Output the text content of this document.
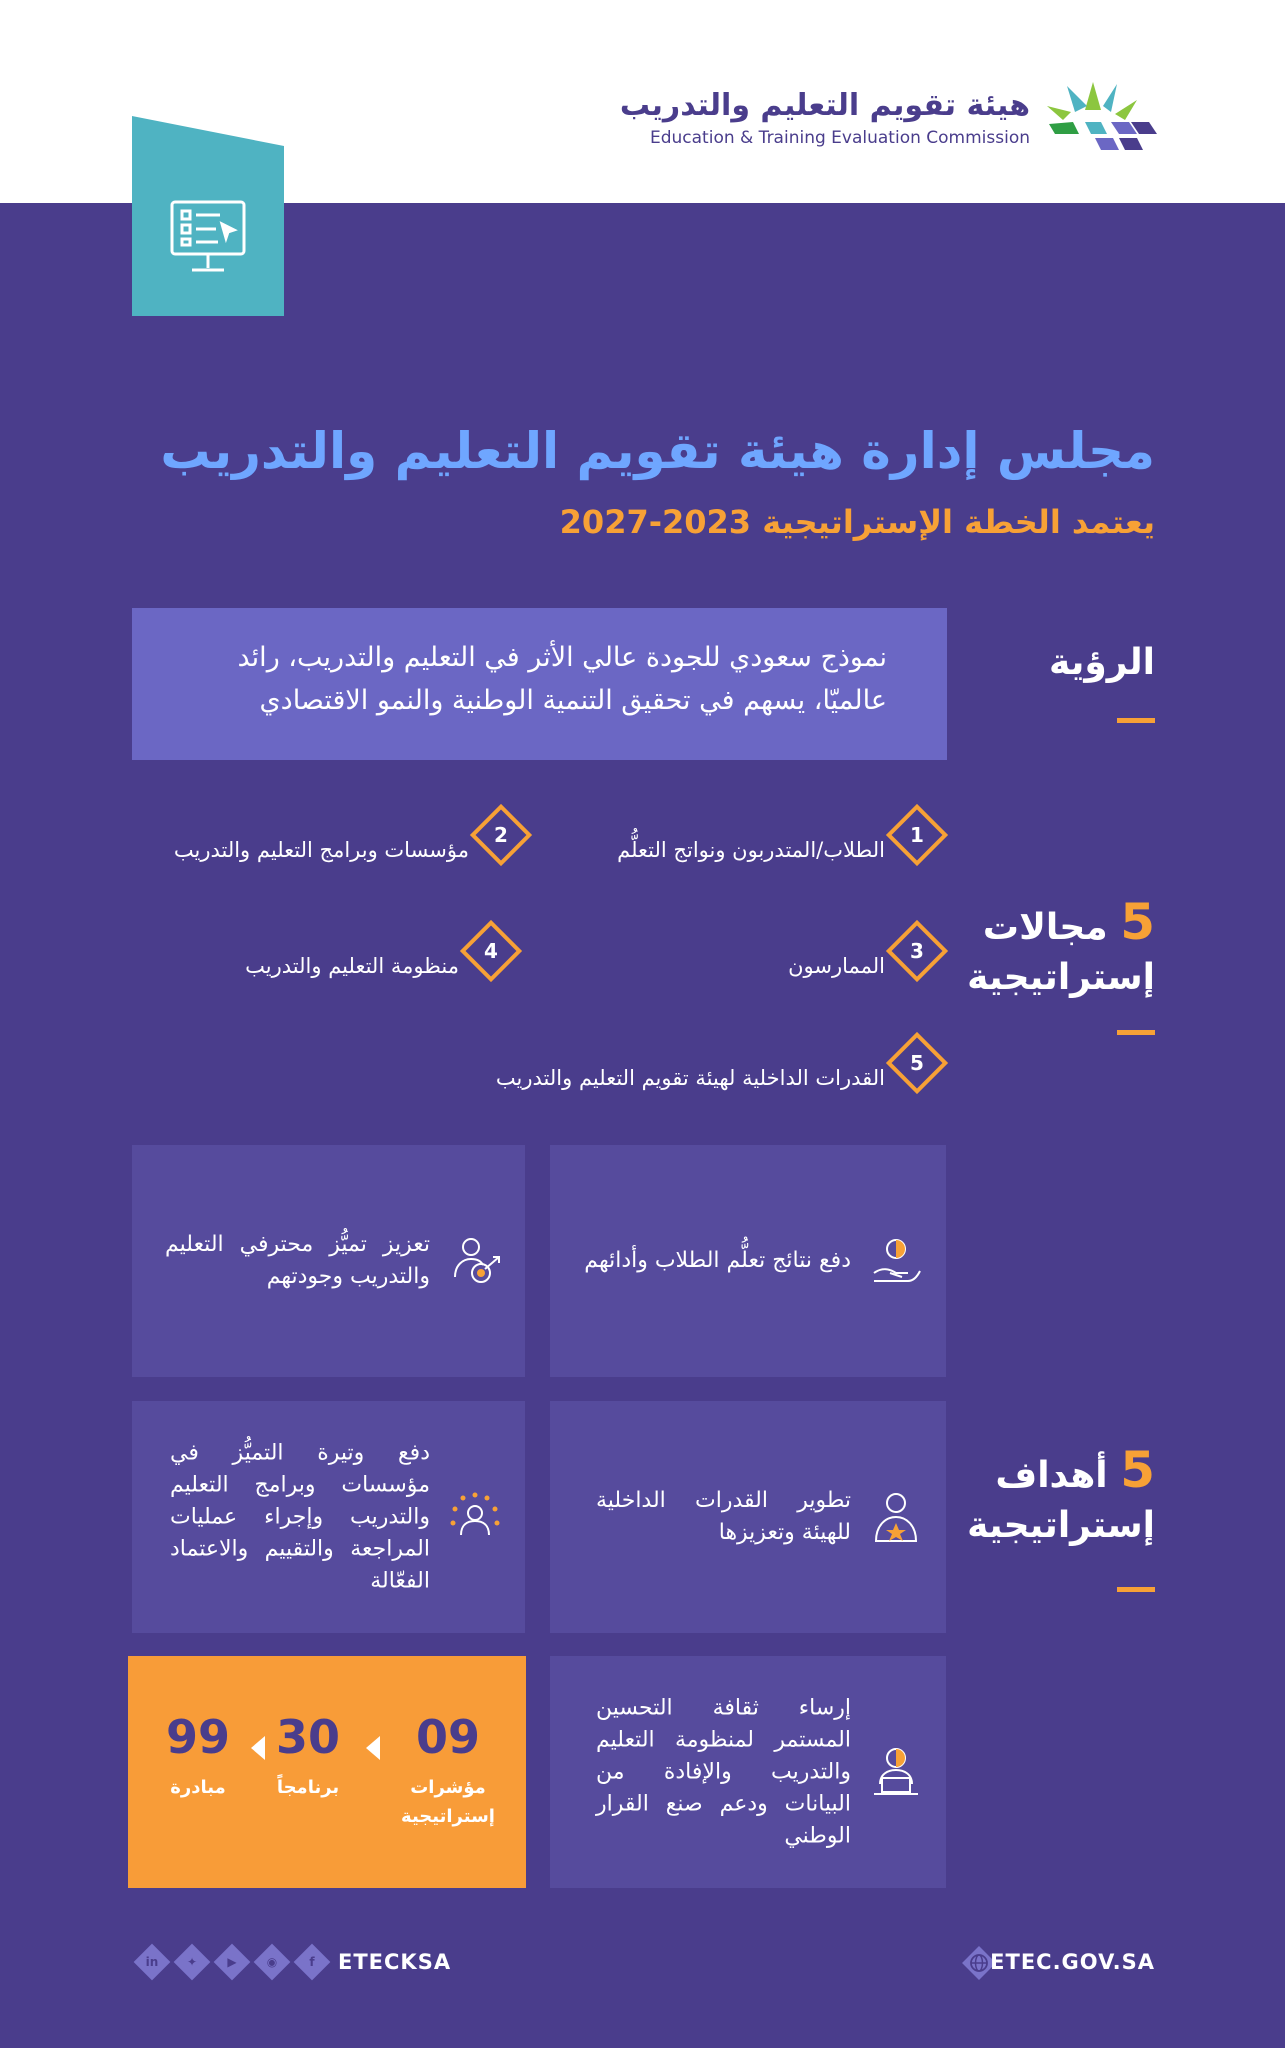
هيئة تقويم التعليم والتدريب
Education & Training Evaluation Commission
مجلس إدارة هيئة تقويم التعليم والتدريب
يعتمد الخطة الإستراتيجية 2023-2027
الرؤية
نموذج سعودي للجودة عالي الأثر في التعليم والتدريب، رائد عالميّا، يسهم في تحقيق التنمية الوطنية والنمو الاقتصادي
5 مجالات
إستراتيجية
1
الطلاب/المتدربون ونواتج التعلُّم
2
مؤسسات وبرامج التعليم والتدريب
3
الممارسون
4
منظومة التعليم والتدريب
5
القدرات الداخلية لهيئة تقويم التعليم والتدريب
5 أهداف
إستراتيجية
دفع نتائج تعلُّم الطلاب وأدائهم
تعزيز تميُّز محترفي التعليم والتدريب وجودتهم
تطوير القدرات الداخلية للهيئة وتعزيزها
دفع وتيرة التميُّز في مؤسسات وبرامج التعليم والتدريب وإجراء عمليات المراجعة والتقييم والاعتماد الفعّالة
إرساء ثقافة التحسين المستمر لمنظومة التعليم والتدريب والإفادة من البيانات ودعم صنع القرار الوطني
09
مؤشرات
إستراتيجية
30
برنامجاً
99
مبادرة
ETEC.GOV.SA
in	✦	▶	◉	f	ETECKSA
